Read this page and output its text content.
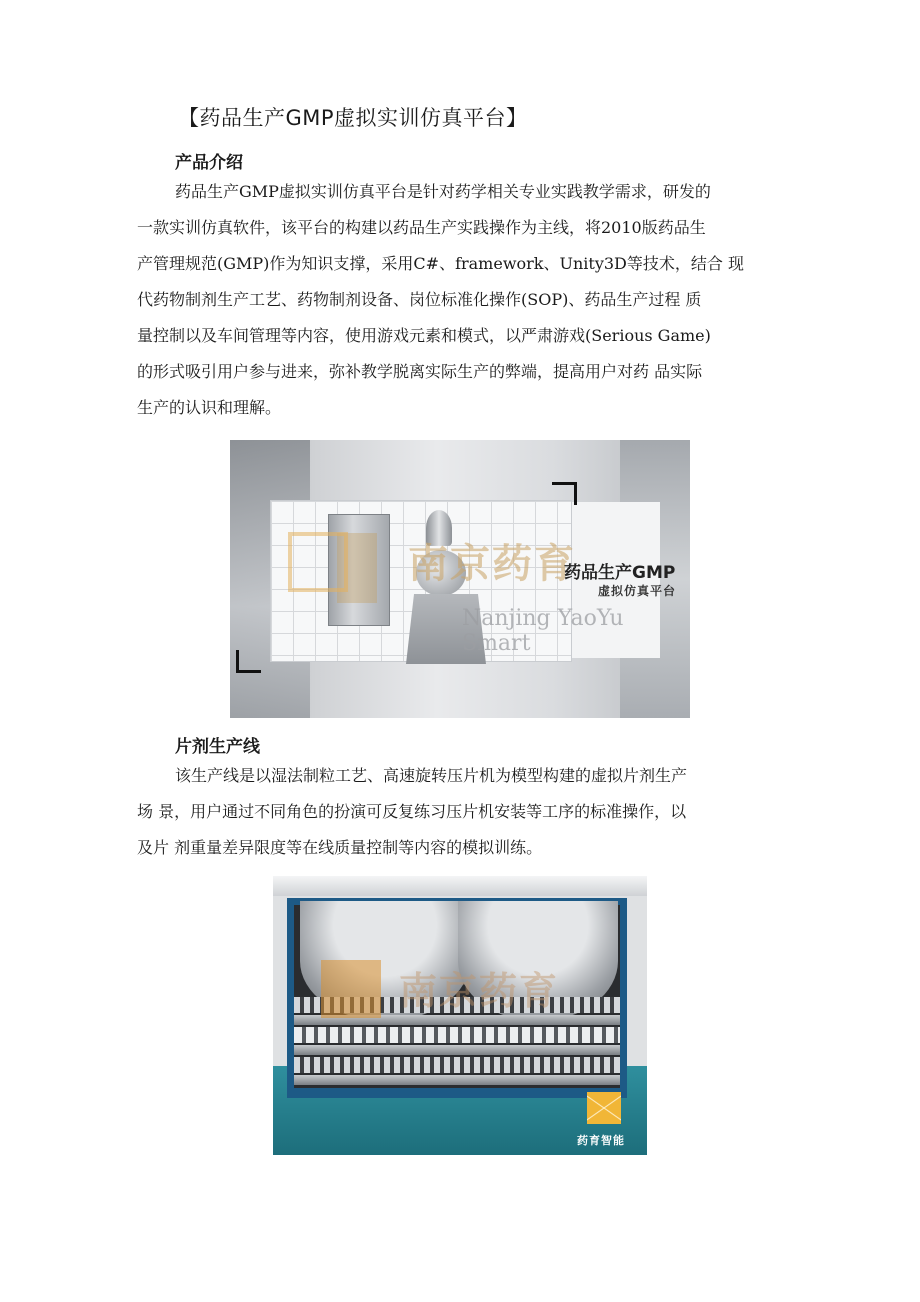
【药品生产GMP虚拟实训仿真平台】
产品介绍
药品生产GMP虚拟实训仿真平台是针对药学相关专业实践教学需求，研发的
一款实训仿真软件，该平台的构建以药品生产实践操作为主线，将2010版药品生
产管理规范(GMP)作为知识支撑，采用C#、framework、Unity3D等技术，结合 现
代药物制剂生产工艺、药物制剂设备、岗位标准化操作(SOP)、药品生产过程 质
量控制以及车间管理等内容，使用游戏元素和模式，以严肃游戏(Serious Game)
的形式吸引用户参与进来，弥补教学脱离实际生产的弊端，提高用户对药 品实际
生产的认识和理解。
南京药育
Nanjing YaoYu Smart
药品生产GMP
虚拟仿真平台
片剂生产线
该生产线是以湿法制粒工艺、高速旋转压片机为模型构建的虚拟片剂生产
场 景，用户通过不同角色的扮演可反复练习压片机安装等工序的标准操作，以
及片 剂重量差异限度等在线质量控制等内容的模拟训练。
南京药育
药育智能
